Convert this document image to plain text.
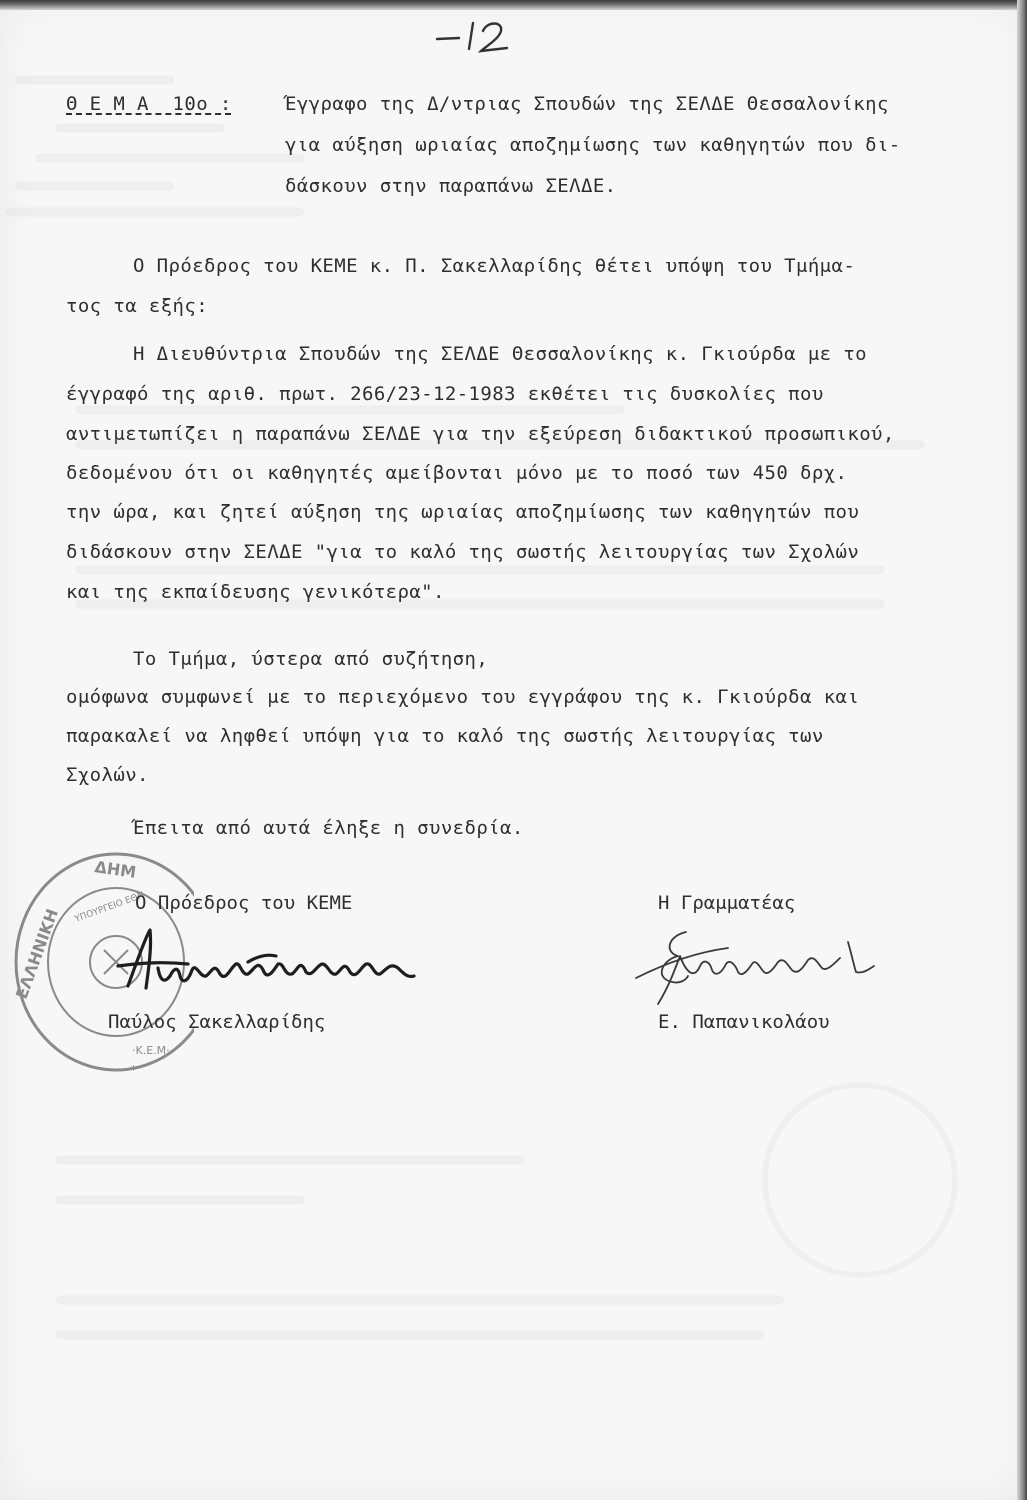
Θ Ε Μ Α  10ο :	Έγγραφο της Δ/ντριας Σπουδών της ΣΕΛΔΕ Θεσσαλονίκης
για αύξηση ωριαίας αποζημίωσης των καθηγητών που δι-
δάσκουν στην παραπάνω ΣΕΛΔΕ.
Ο Πρόεδρος του ΚΕΜΕ κ. Π. Σακελλαρίδης θέτει υπόψη του Τμήμα-
τος τα εξής:
Η Διευθύντρια Σπουδών της ΣΕΛΔΕ Θεσσαλονίκης κ. Γκιούρδα με το
έγγραφό της αριθ. πρωτ. 266/23-12-1983 εκθέτει τις δυσκολίες που
αντιμετωπίζει η παραπάνω ΣΕΛΔΕ για την εξεύρεση διδακτικού προσωπικού,
δεδομένου ότι οι καθηγητές αμείβονται μόνο με το ποσό των 450 δρχ.
την ώρα, και ζητεί αύξηση της ωριαίας αποζημίωσης των καθηγητών που
διδάσκουν στην ΣΕΛΔΕ "για το καλό της σωστής λειτουργίας των Σχολών
και της εκπαίδευσης γενικότερα".
Το Τμήμα, ύστερα από συζήτηση,
ομόφωνα συμφωνεί με το περιεχόμενο του εγγράφου της κ. Γκιούρδα και
παρακαλεί να ληφθεί υπόψη για το καλό της σωστής λειτουργίας των
Σχολών.
Έπειτα από αυτά έληξε η συνεδρία.
ΕΛΛΗΝΙΚΗ
ΔΗΜ
ΥΠΟΥΡΓΕΙΟ ΕΘΝ
·Κ.Ε.Μ·
*
Ο Πρόεδρος του ΚΕΜΕ
Παύλος Σακελλαρίδης
Η Γραμματέας
Ε. Παπανικολάου
